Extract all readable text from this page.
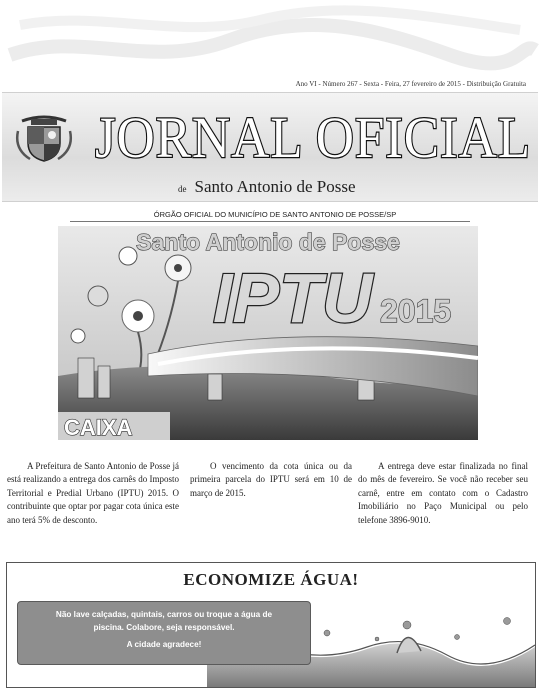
Ano VI - Número 267 - Sexta - Feira, 27 fevereiro de 2015 - Distribuição Gratuita
JORNAL OFICIAL
de Santo Antonio de Posse
ÓRGÃO OFICIAL DO MUNICÍPIO DE SANTO ANTONIO DE POSSE/SP
Santo Antonio de Posse
IPTU 2015
CAIXA

A Prefeitura de Santo Antonio de Posse já está realizando a entrega dos carnês do Imposto Territorial e Predial Urbano (IPTU) 2015. O contribuinte que optar por pagar cota única este ano terá 5% de desconto.

O vencimento da cota única ou da primeira parcela do IPTU será em 10 de março de 2015.

A entrega deve estar finalizada no final do mês de fevereiro. Se você não receber seu carnê, entre em contato com o Cadastro Imobiliário no Paço Municipal ou pelo telefone 3896-9010.

ECONOMIZE ÁGUA!
Não lave calçadas, quintais, carros ou troque a água de
piscina. Colabore, seja responsável.
A cidade agradece!
